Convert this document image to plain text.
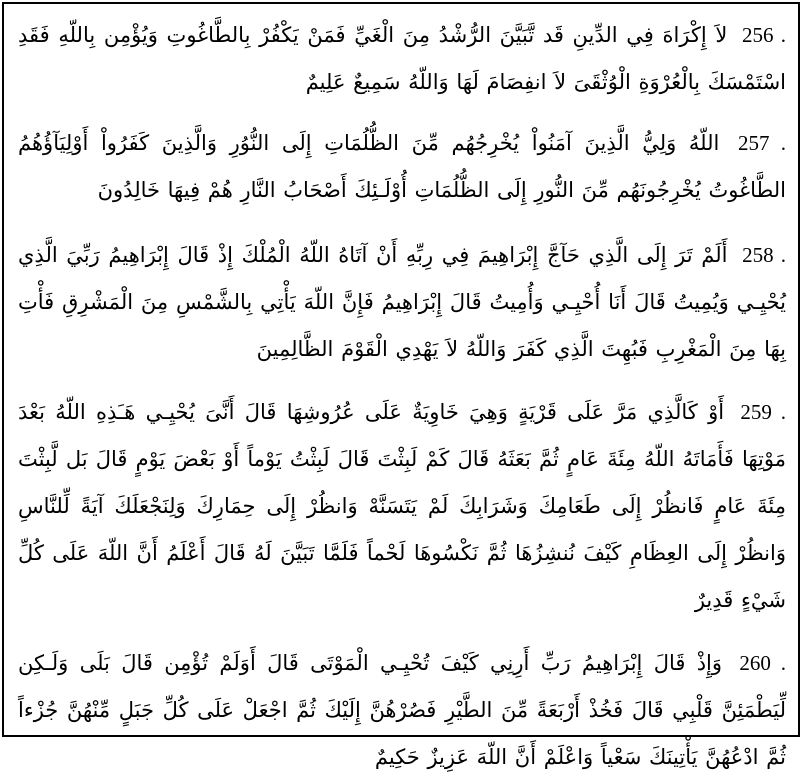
256 . لاَ إِكْرَاهَ فِي الدِّينِ قَد تَّبَيَّنَ الرُّشْدُ مِنَ الْغَيِّ فَمَنْ يَكْفُرْ بِالطَّاغُوتِ وَيُؤْمِن بِاللّهِ فَقَدِ اسْتَمْسَكَ بِالْعُرْوَةِ الْوُثْقَىَ لاَ انفِصَامَ لَهَا وَاللّهُ سَمِيعٌ عَلِيمٌ

257 . اللّهُ وَلِيُّ الَّذِينَ آمَنُواْ يُخْرِجُهُم مِّنَ الظُّلُمَاتِ إِلَى النُّوُرِ وَالَّذِينَ كَفَرُواْ أَوْلِيَآؤُهُمُ الطَّاغُوتُ يُخْرِجُونَهُم مِّنَ النُّورِ إِلَى الظُّلُمَاتِ أُوْلَـئِكَ أَصْحَابُ النَّارِ هُمْ فِيهَا خَالِدُونَ

258 . أَلَمْ تَرَ إِلَى الَّذِي حَآجَّ إِبْرَاهِيمَ فِي رِبِّهِ أَنْ آتَاهُ اللّهُ الْمُلْكَ إِذْ قَالَ إِبْرَاهِيمُ رَبِّيَ الَّذِي يُحْيِـي وَيُمِيتُ قَالَ أَنَا أُحْيِـي وَأُمِيتُ قَالَ إِبْرَاهِيمُ فَإِنَّ اللّهَ يَأْتِي بِالشَّمْسِ مِنَ الْمَشْرِقِ فَأْتِ بِهَا مِنَ الْمَغْرِبِ فَبُهِتَ الَّذِي كَفَرَ وَاللّهُ لاَ يَهْدِي الْقَوْمَ الظَّالِمِينَ

259 . أَوْ كَالَّذِي مَرَّ عَلَى قَرْيَةٍ وَهِيَ خَاوِيَةٌ عَلَى عُرُوشِهَا قَالَ أَنَّىَ يُحْيِـي هَـَذِهِ اللّهُ بَعْدَ مَوْتِهَا فَأَمَاتَهُ اللّهُ مِئَةَ عَامٍ ثُمَّ بَعَثَهُ قَالَ كَمْ لَبِثْتَ قَالَ لَبِثْتُ يَوْماً أَوْ بَعْضَ يَوْمٍ قَالَ بَل لَّبِثْتَ مِئَةَ عَامٍ فَانظُرْ إِلَى طَعَامِكَ وَشَرَابِكَ لَمْ يَتَسَنَّهْ وَانظُرْ إِلَى حِمَارِكَ وَلِنَجْعَلَكَ آيَةً لِّلنَّاسِ وَانظُرْ إِلَى العِظَامِ كَيْفَ نُنشِزُهَا ثُمَّ نَكْسُوهَا لَحْماً فَلَمَّا تَبَيَّنَ لَهُ قَالَ أَعْلَمُ أَنَّ اللّهَ عَلَى كُلِّ شَيْءٍ قَدِيرٌ

260 . وَإِذْ قَالَ إِبْرَاهِيمُ رَبِّ أَرِنِي كَيْفَ تُحْيِـي الْمَوْتَى قَالَ أَوَلَمْ تُؤْمِن قَالَ بَلَى وَلَـكِن لِّيَطْمَئِنَّ قَلْبِي قَالَ فَخُذْ أَرْبَعَةً مِّنَ الطَّيْرِ فَصُرْهُنَّ إِلَيْكَ ثُمَّ اجْعَلْ عَلَى كُلِّ جَبَلٍ مِّنْهُنَّ جُزْءاً ثُمَّ ادْعُهُنَّ يَأْتِينَكَ سَعْياً وَاعْلَمْ أَنَّ اللّهَ عَزِيزٌ حَكِيمٌ
